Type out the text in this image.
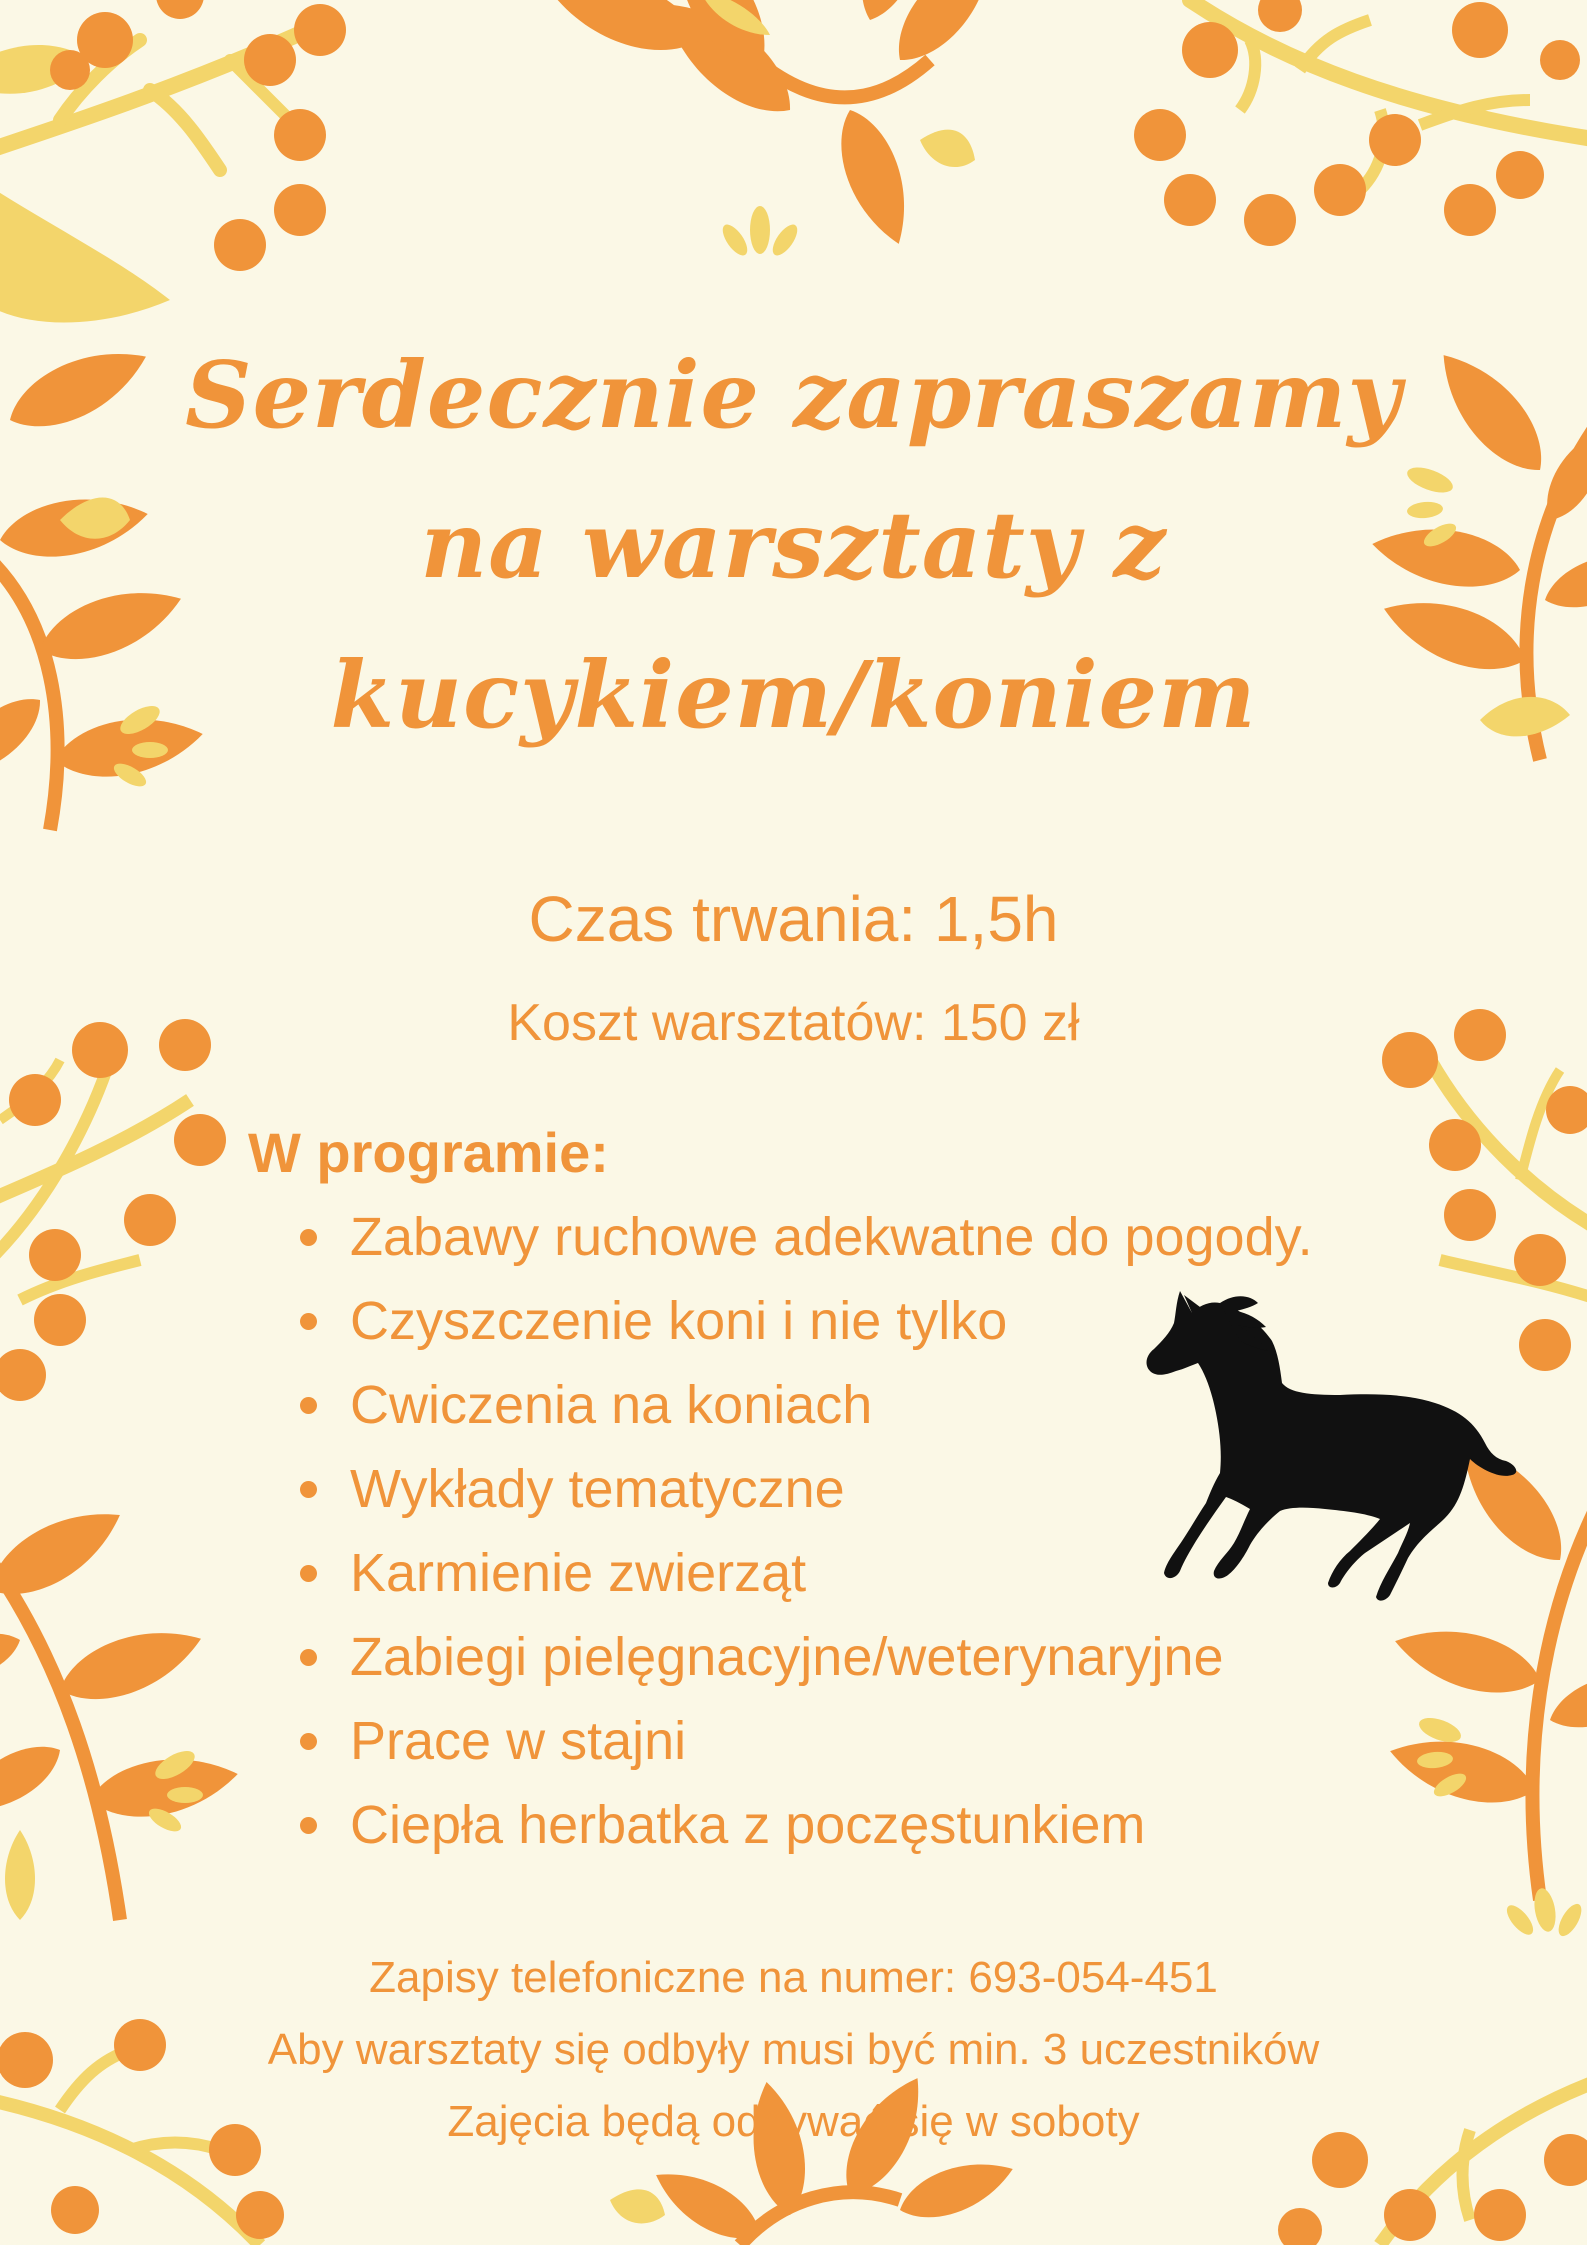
Serdecznie zapraszamy
na warsztaty z
kucykiem/koniem
Czas trwania: 1,5h
Koszt warsztatów: 150 zł
W programie:
Zabawy ruchowe adekwatne do pogody.
Czyszczenie koni i nie tylko
Cwiczenia na koniach
Wykłady tematyczne
Karmienie zwierząt
Zabiegi pielęgnacyjne/weterynaryjne
Prace w stajni
Ciepła herbatka z poczęstunkiem
Zapisy telefoniczne na numer: 693-054-451
Aby warsztaty się odbyły musi być min. 3 uczestników
Zajęcia będą odbywać się w soboty
